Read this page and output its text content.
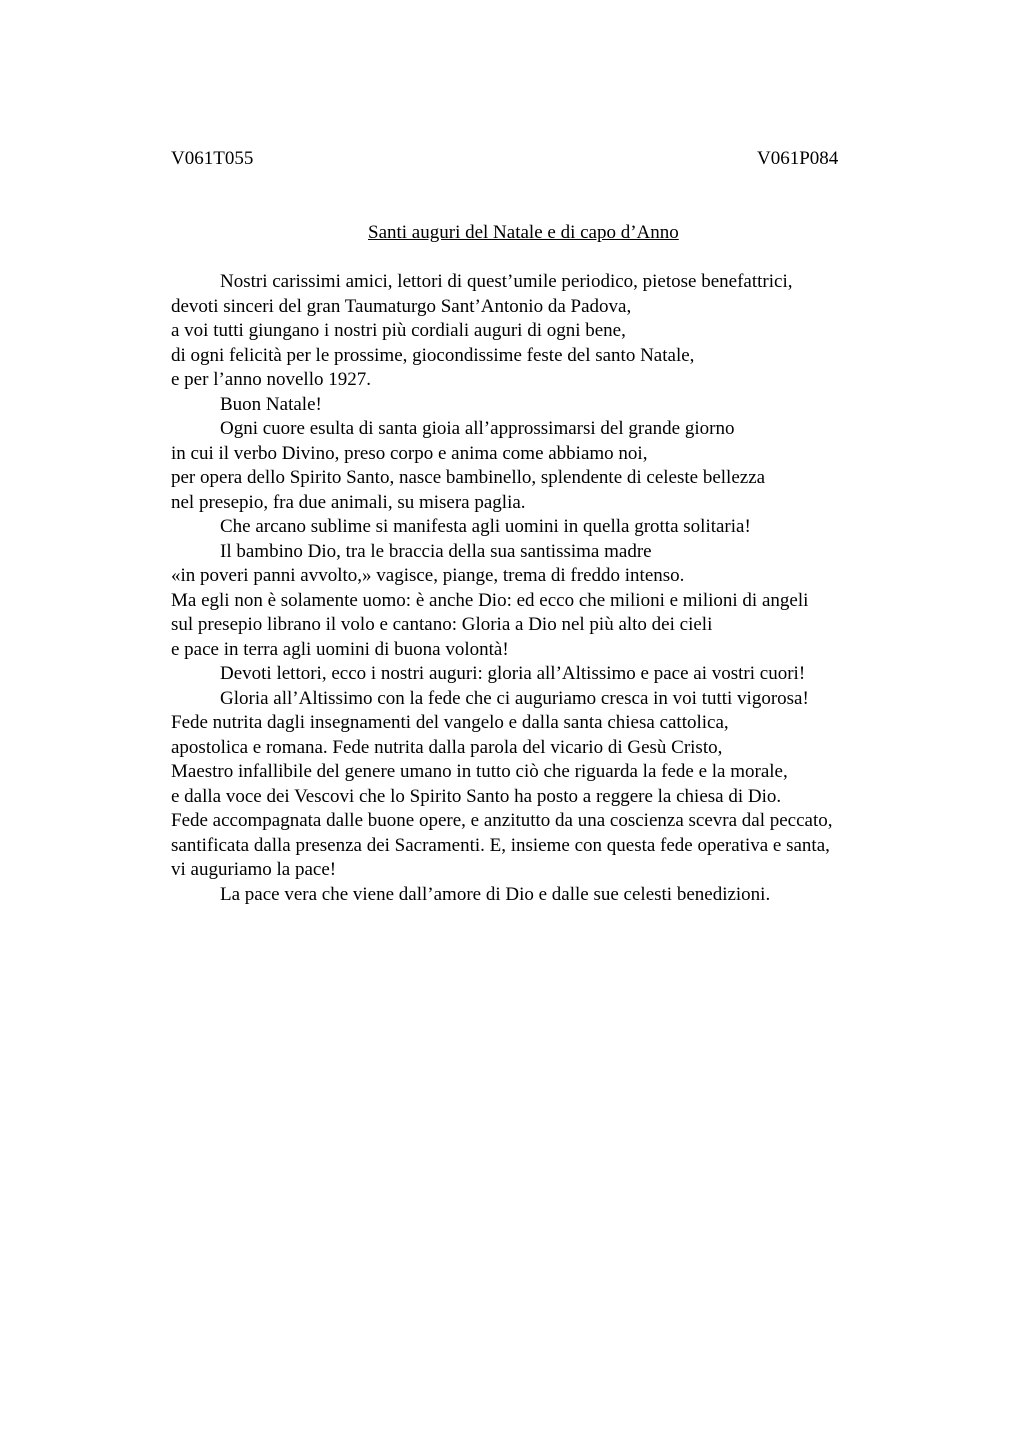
V061T055	V061P084
Santi auguri del Natale e di capo d’Anno
Nostri carissimi amici, lettori di quest’umile periodico, pietose benefattrici,
devoti sinceri del gran Taumaturgo Sant’Antonio da Padova,
a voi tutti giungano i nostri più cordiali auguri di ogni bene,
di ogni felicità per le prossime, giocondissime feste del santo Natale,
e per l’anno novello 1927.
Buon Natale!
Ogni cuore esulta di santa gioia all’approssimarsi del grande giorno
in cui il verbo Divino, preso corpo e anima come abbiamo noi,
per opera dello Spirito Santo, nasce bambinello, splendente di celeste bellezza
nel presepio, fra due animali, su misera paglia.
Che arcano sublime si manifesta agli uomini in quella grotta solitaria!
Il bambino Dio, tra le braccia della sua santissima madre
«in poveri panni avvolto,» vagisce, piange, trema di freddo intenso.
Ma egli non è solamente uomo: è anche Dio: ed ecco che milioni e milioni di angeli
sul presepio librano il volo e cantano: Gloria a Dio nel più alto dei cieli
e pace in terra agli uomini di buona volontà!
Devoti lettori, ecco i nostri auguri: gloria all’Altissimo e pace ai vostri cuori!
Gloria all’Altissimo con la fede che ci auguriamo cresca in voi tutti vigorosa!
Fede nutrita dagli insegnamenti del vangelo e dalla santa chiesa cattolica,
apostolica e romana. Fede nutrita dalla parola del vicario di Gesù Cristo,
Maestro infallibile del genere umano in tutto ciò che riguarda la fede e la morale,
e dalla voce dei Vescovi che lo Spirito Santo ha posto a reggere la chiesa di Dio.
Fede accompagnata dalle buone opere, e anzitutto da una coscienza scevra dal peccato,
santificata dalla presenza dei Sacramenti. E, insieme con questa fede operativa e santa,
vi auguriamo la pace!
La pace vera che viene dall’amore di Dio e dalle sue celesti benedizioni.
